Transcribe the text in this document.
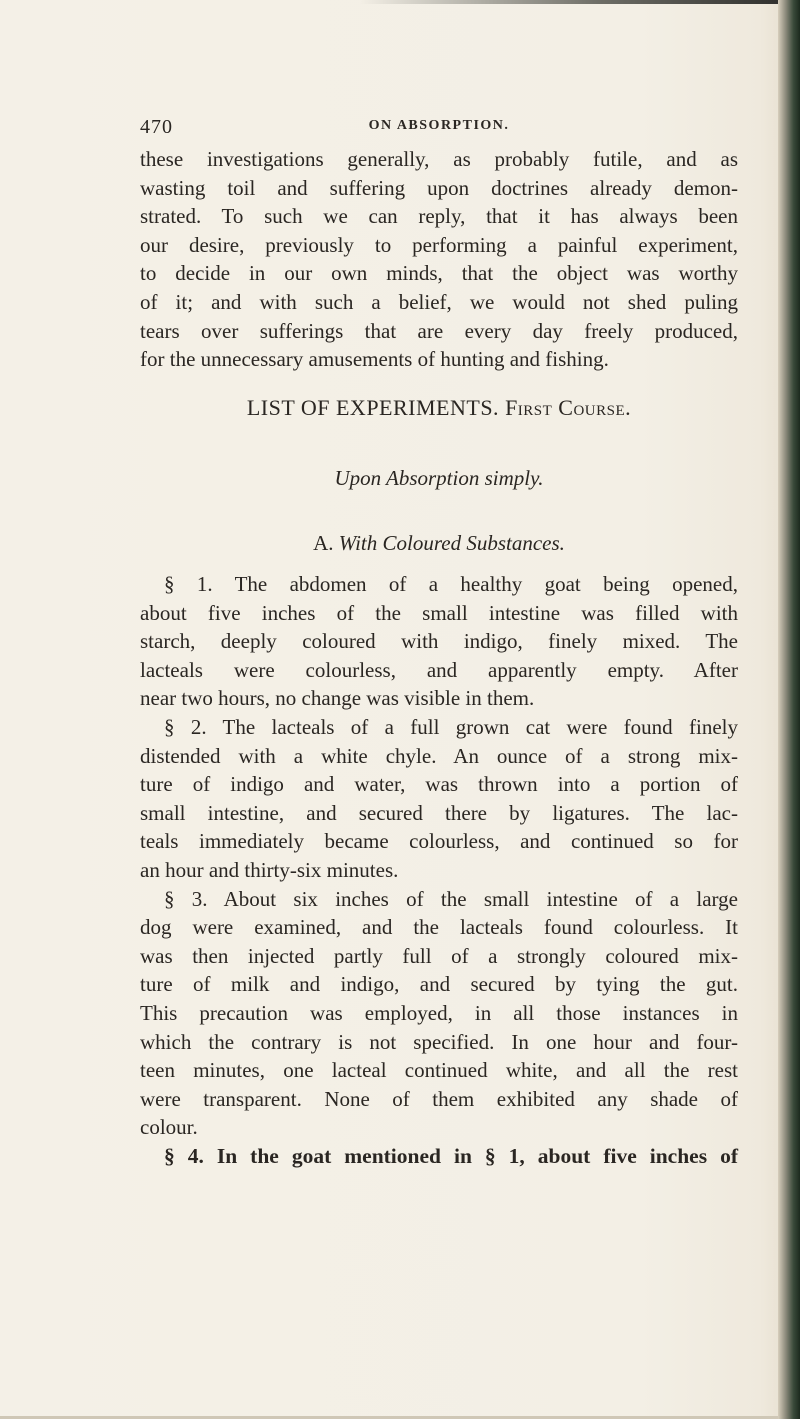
470	ON ABSORPTION.
these investigations generally, as probably futile, and as
wasting toil and suffering upon doctrines already demon-
strated. To such we can reply, that it has always been
our desire, previously to performing a painful experiment,
to decide in our own minds, that the object was worthy
of it; and with such a belief, we would not shed puling
tears over sufferings that are every day freely produced,
for the unnecessary amusements of hunting and fishing.
LIST OF EXPERIMENTS. First Course.
Upon Absorption simply.
A. With Coloured Substances.
§ 1. The abdomen of a healthy goat being opened,
about five inches of the small intestine was filled with
starch, deeply coloured with indigo, finely mixed. The
lacteals were colourless, and apparently empty. After
near two hours, no change was visible in them.
§ 2. The lacteals of a full grown cat were found finely
distended with a white chyle. An ounce of a strong mix-
ture of indigo and water, was thrown into a portion of
small intestine, and secured there by ligatures. The lac-
teals immediately became colourless, and continued so for
an hour and thirty-six minutes.
§ 3. About six inches of the small intestine of a large
dog were examined, and the lacteals found colourless. It
was then injected partly full of a strongly coloured mix-
ture of milk and indigo, and secured by tying the gut.
This precaution was employed, in all those instances in
which the contrary is not specified. In one hour and four-
teen minutes, one lacteal continued white, and all the rest
were transparent. None of them exhibited any shade of
colour.
§ 4. In the goat mentioned in § 1, about five inches of
